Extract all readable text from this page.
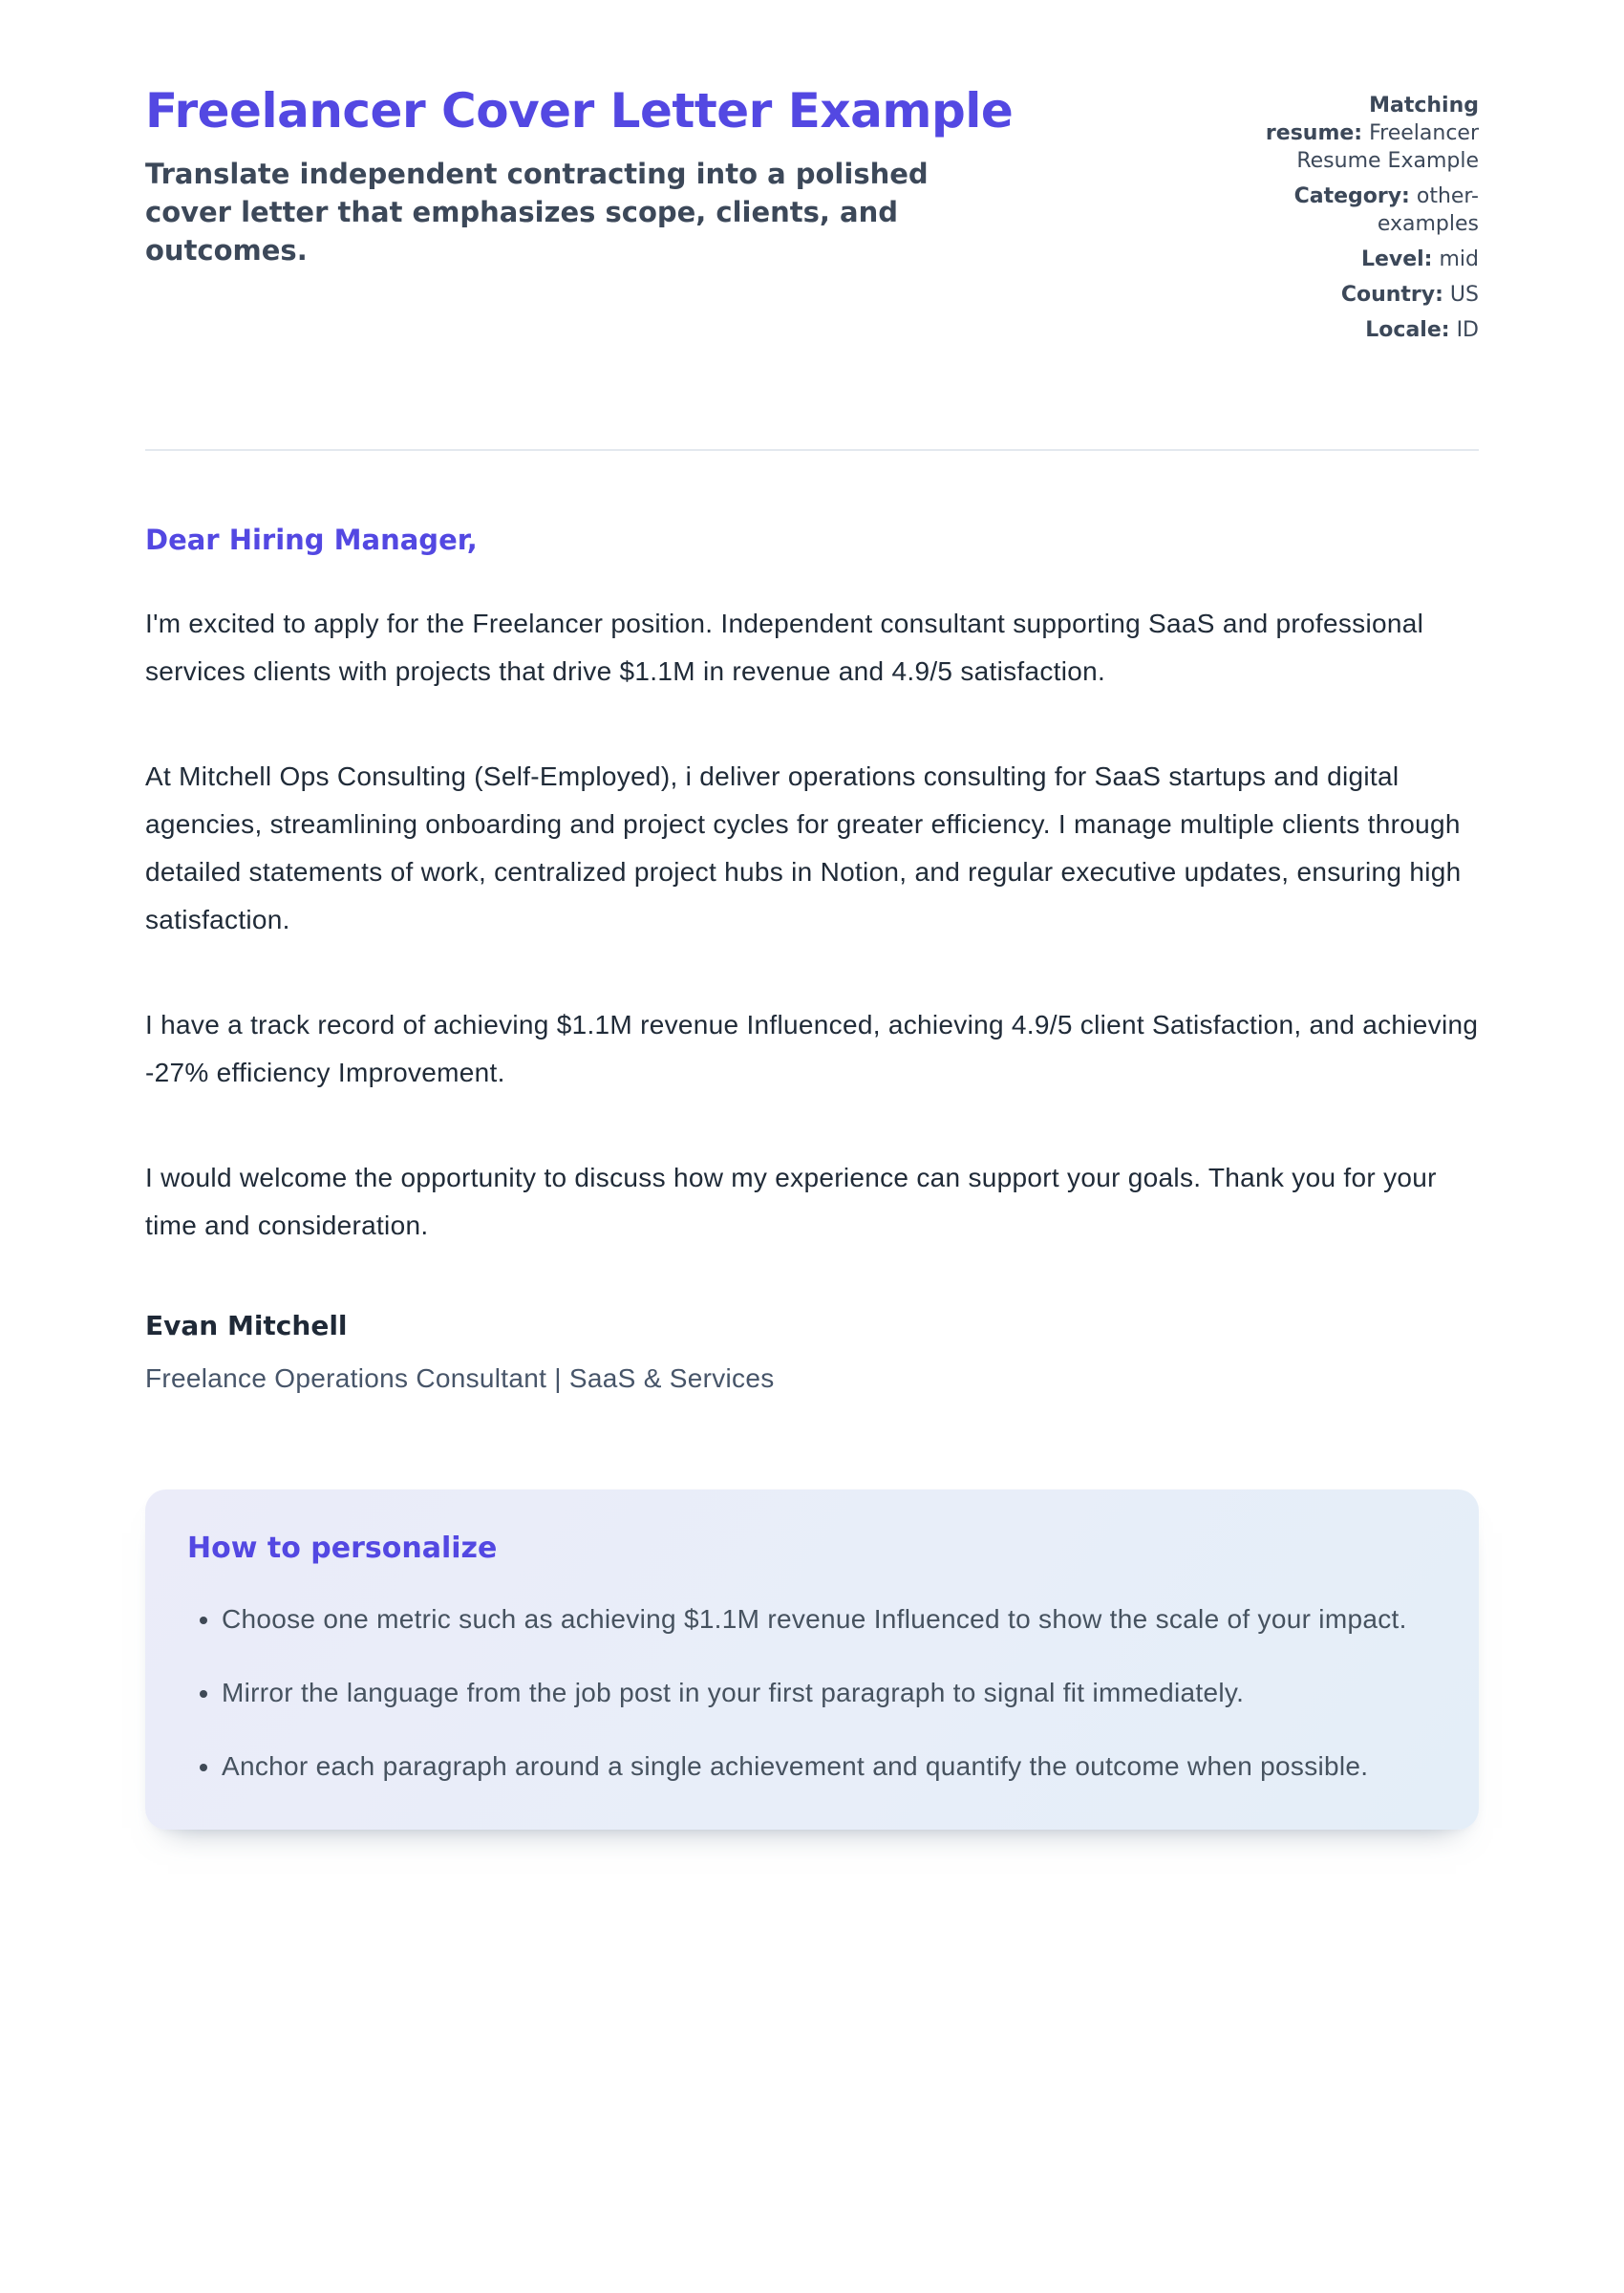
Freelancer Cover Letter Example

Translate independent contracting into a polished cover letter that emphasizes scope, clients, and outcomes.

Matching resume: Freelancer Resume Example
Category: other-examples
Level: mid
Country: US
Locale: ID

Dear Hiring Manager,

I'm excited to apply for the Freelancer position. Independent consultant supporting SaaS and professional services clients with projects that drive $1.1M in revenue and 4.9/5 satisfaction.

At Mitchell Ops Consulting (Self-Employed), i deliver operations consulting for SaaS startups and digital agencies, streamlining onboarding and project cycles for greater efficiency. I manage multiple clients through detailed statements of work, centralized project hubs in Notion, and regular executive updates, ensuring high satisfaction.

I have a track record of achieving $1.1M revenue Influenced, achieving 4.9/5 client Satisfaction, and achieving -27% efficiency Improvement.

I would welcome the opportunity to discuss how my experience can support your goals. Thank you for your time and consideration.

Evan Mitchell

Freelance Operations Consultant | SaaS & Services

How to personalize
• Choose one metric such as achieving $1.1M revenue Influenced to show the scale of your impact.
• Mirror the language from the job post in your first paragraph to signal fit immediately.
• Anchor each paragraph around a single achievement and quantify the outcome when possible.
